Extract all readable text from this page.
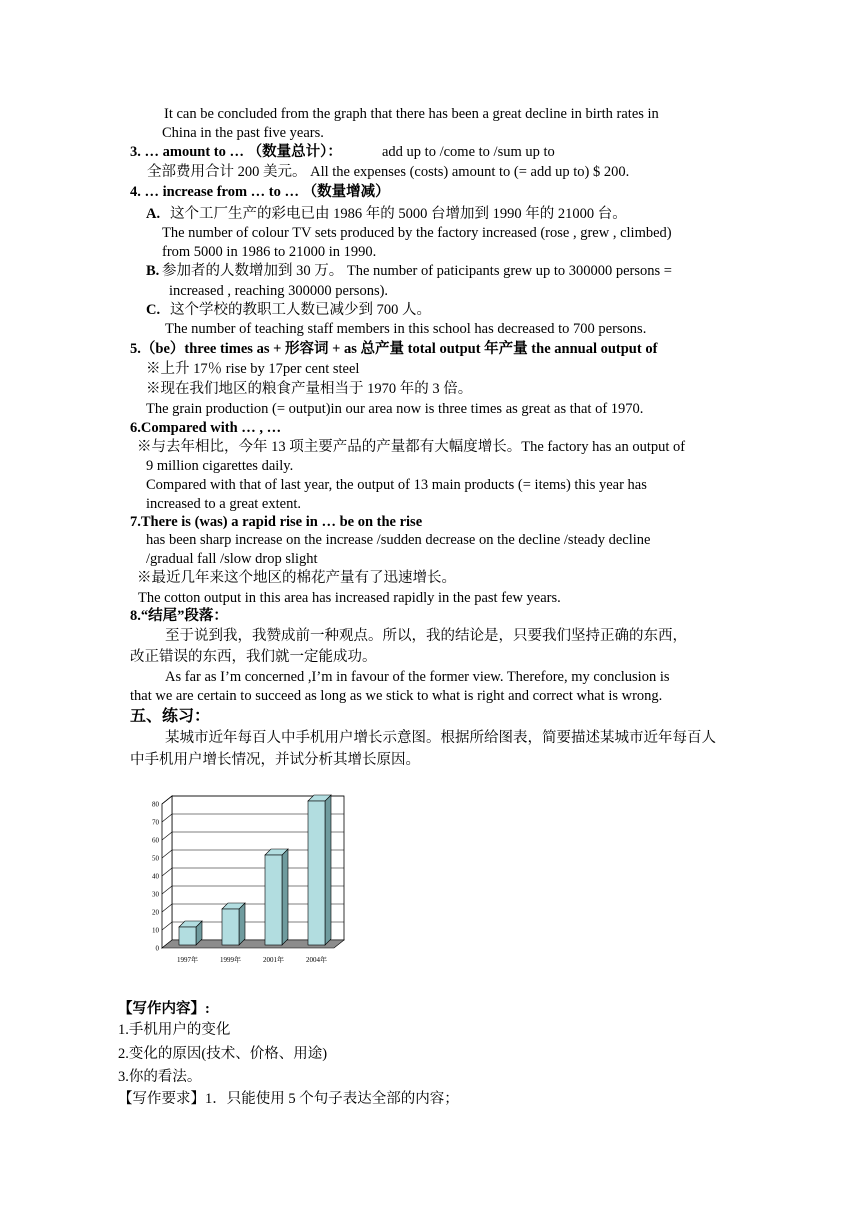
It can be concluded from the graph that there has been a great decline in birth rates in
China in the past five years.
3. … amount to … （数量总计）：	add up to /come to /sum up to
全部费用合计 200 美元。 All the expenses (costs) amount to (= add up to) $ 200.
4. … increase from … to … （数量增减）
A. 这个工厂生产的彩电已由 1986 年的 5000 台增加到 1990 年的 21000 台。
The number of colour TV sets produced by the factory increased (rose , grew , climbed)
from 5000 in 1986 to 21000 in 1990.
B. 参加者的人数增加到 30 万。 The number of paticipants grew up to 300000 persons =
increased , reaching 300000 persons).
C. 这个学校的教职工人数已减少到 700 人。
The number of teaching staff members in this school has decreased to 700 persons.
5.（be）three times as + 形容词 + as 总产量 total output 年产量 the annual output of
※上升 17％ rise by 17per cent steel
※现在我们地区的粮食产量相当于 1970 年的 3 倍。
The grain production (= output)in our area now is three times as great as that of 1970.
6.Compared with … , …
※与去年相比，今年 13 项主要产品的产量都有大幅度增长。The factory has an output of
9 million cigarettes daily.
Compared with that of last year, the output of 13 main products (= items) this year has
increased to a great extent.
7.There is (was) a rapid rise in … be on the rise
has been sharp increase on the increase /sudden decrease on the decline /steady decline
/gradual fall /slow drop slight
※最近几年来这个地区的棉花产量有了迅速增长。
The cotton output in this area has increased rapidly in the past few years.
8.“结尾”段落：
至于说到我，我赞成前一种观点。所以，我的结论是，只要我们坚持正确的东西，
改正错误的东西，我们就一定能成功。
As far as I’m concerned ,I’m in favour of the former view. Therefore, my conclusion is
that we are certain to succeed as long as we stick to what is right and correct what is wrong.
五、练习：
某城市近年每百人中手机用户增长示意图。根据所给图表，简要描述某城市近年每百人
中手机用户增长情况，并试分析其增长原因。
0
10
20
30
40
50
60
70
80
1997年	1999年	2001年	2004年
【写作内容】:
1.手机用户的变化
2.变化的原因(技术、价格、用途)
3.你的看法。
【写作要求】1．只能使用 5 个句子表达全部的内容；
